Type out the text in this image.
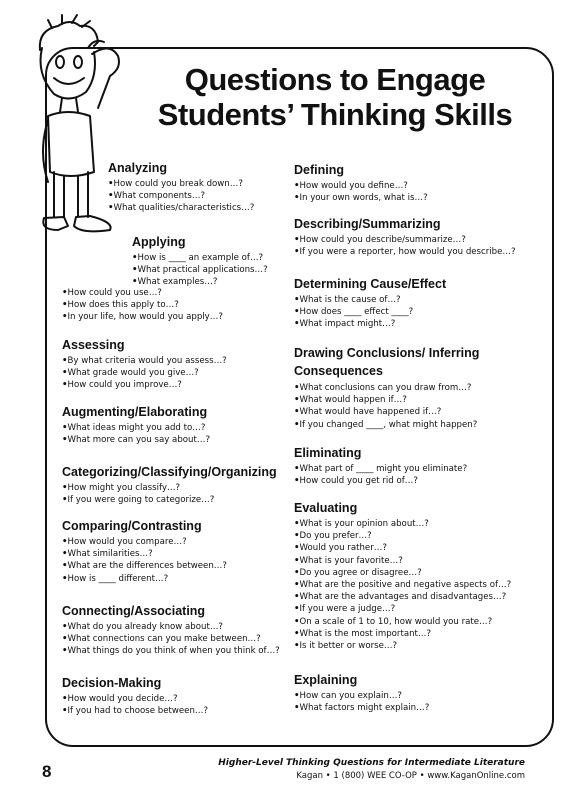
Questions to Engage
Students’ Thinking Skills
Analyzing
• How could you break down…?
• What components…?
• What qualities/characteristics…?
Applying
• How is ____ an example of…?
• What practical applications…?
• What examples…?
• How could you use…?
• How does this apply to…?
• In your life, how would you apply…?
Assessing
• By what criteria would you assess…?
• What grade would you give…?
• How could you improve…?
Augmenting/Elaborating
• What ideas might you add to…?
• What more can you say about…?
Categorizing/Classifying/Organizing
• How might you classify…?
• If you were going to categorize…?
Comparing/Contrasting
• How would you compare…?
• What similarities…?
• What are the differences between…?
• How is ____ different…?
Connecting/Associating
• What do you already know about…?
• What connections can you make between…?
• What things do you think of when you think of…?
Decision-Making
• How would you decide…?
• If you had to choose between…?
Defining
• How would you define…?
• In your own words, what is…?
Describing/Summarizing
• How could you describe/summarize…?
• If you were a reporter, how would you describe…?
Determining Cause/Effect
• What is the cause of…?
• How does ____ effect ____?
• What impact might…?
Drawing Conclusions/ Inferring Consequences
• What conclusions can you draw from…?
• What would happen if…?
• What would have happened if…?
• If you changed ____, what might happen?
Eliminating
• What part of ____ might you eliminate?
• How could you get rid of…?
Evaluating
• What is your opinion about…?
• Do you prefer…?
• Would you rather…?
• What is your favorite…?
• Do you agree or disagree…?
• What are the positive and negative aspects of…?
• What are the advantages and disadvantages…?
• If you were a judge…?
• On a scale of 1 to 10, how would you rate…?
• What is the most important…?
• Is it better or worse…?
Explaining
• How can you explain…?
• What factors might explain…?
8	Higher-Level Thinking Questions for Intermediate Literature
Kagan • 1 (800) WEE CO-OP • www.KaganOnline.com
